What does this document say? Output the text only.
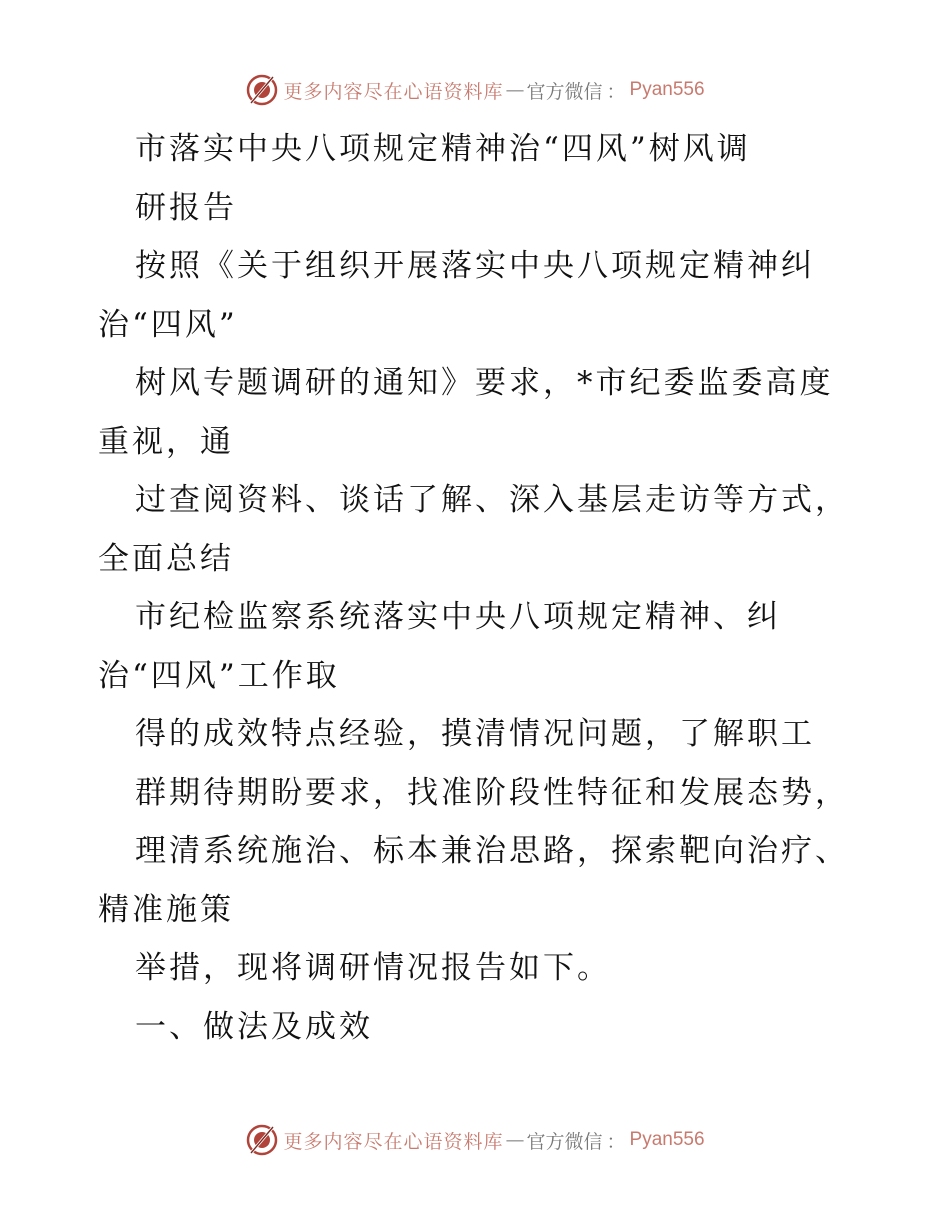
更多内容尽在心语资料库 — 官方微信 ： Pyan556
市落实中央八项规定精神治“四风”树风调
研报告
按照《关于组织开展落实中央八项规定精神纠
治“四风”
树风专题调研的通知》要求，*市纪委监委高度
重视，通
过查阅资料、谈话了解、深入基层走访等方式，
全面总结
市纪检监察系统落实中央八项规定精神、纠
治“四风”工作取
得的成效特点经验，摸清情况问题，了解职工
群期待期盼要求，找准阶段性特征和发展态势，
理清系统施治、标本兼治思路，探索靶向治疗、
精准施策
举措，现将调研情况报告如下。
一、做法及成效
更多内容尽在心语资料库 — 官方微信 ： Pyan556
